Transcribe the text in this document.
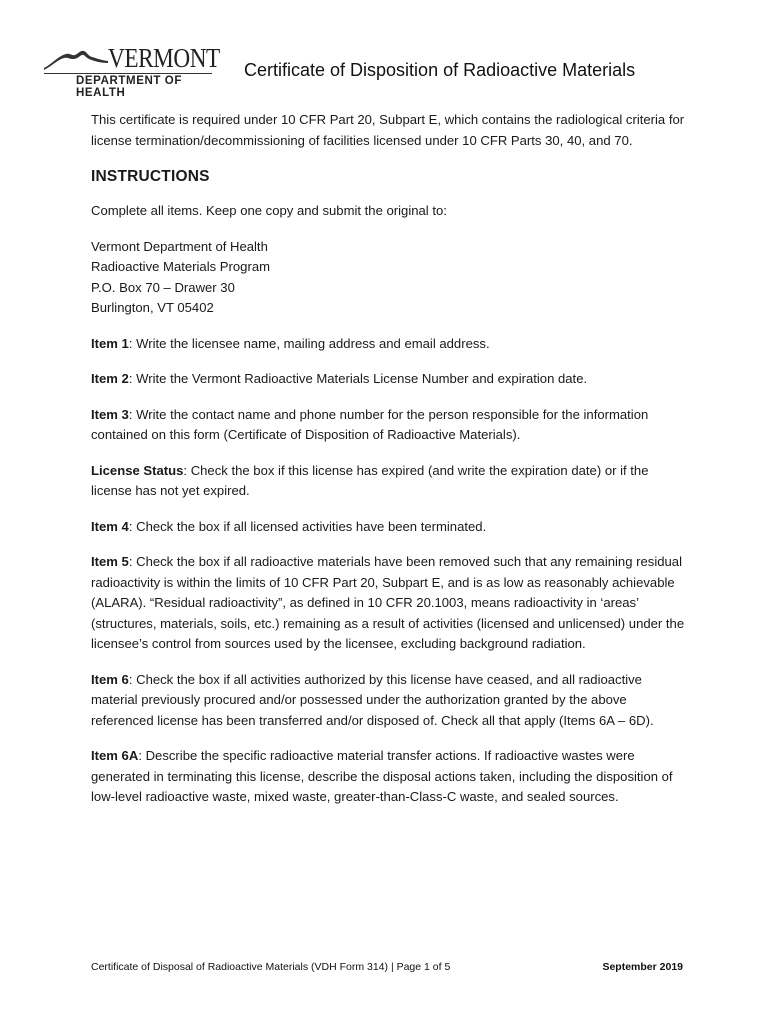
VERMONT
DEPARTMENT OF HEALTH
Certificate of Disposition of Radioactive Materials

This certificate is required under 10 CFR Part 20, Subpart E, which contains the radiological criteria for license termination/decommissioning of facilities licensed under 10 CFR Parts 30, 40, and 70.

INSTRUCTIONS

Complete all items. Keep one copy and submit the original to:

Vermont Department of Health
Radioactive Materials Program
P.O. Box 70 – Drawer 30
Burlington, VT 05402

Item 1: Write the licensee name, mailing address and email address.

Item 2: Write the Vermont Radioactive Materials License Number and expiration date.

Item 3: Write the contact name and phone number for the person responsible for the information contained on this form (Certificate of Disposition of Radioactive Materials).

License Status: Check the box if this license has expired (and write the expiration date) or if the license has not yet expired.

Item 4: Check the box if all licensed activities have been terminated.

Item 5: Check the box if all radioactive materials have been removed such that any remaining residual radioactivity is within the limits of 10 CFR Part 20, Subpart E, and is as low as reasonably achievable (ALARA). “Residual radioactivity”, as defined in 10 CFR 20.1003, means radioactivity in ‘areas’ (structures, materials, soils, etc.) remaining as a result of activities (licensed and unlicensed) under the licensee’s control from sources used by the licensee, excluding background radiation.

Item 6: Check the box if all activities authorized by this license have ceased, and all radioactive material previously procured and/or possessed under the authorization granted by the above referenced license has been transferred and/or disposed of. Check all that apply (Items 6A – 6D).

Item 6A: Describe the specific radioactive material transfer actions. If radioactive wastes were generated in terminating this license, describe the disposal actions taken, including the disposition of low-level radioactive waste, mixed waste, greater-than-Class-C waste, and sealed sources.

Certificate of Disposal of Radioactive Materials (VDH Form 314) | Page 1 of 5	September 2019
